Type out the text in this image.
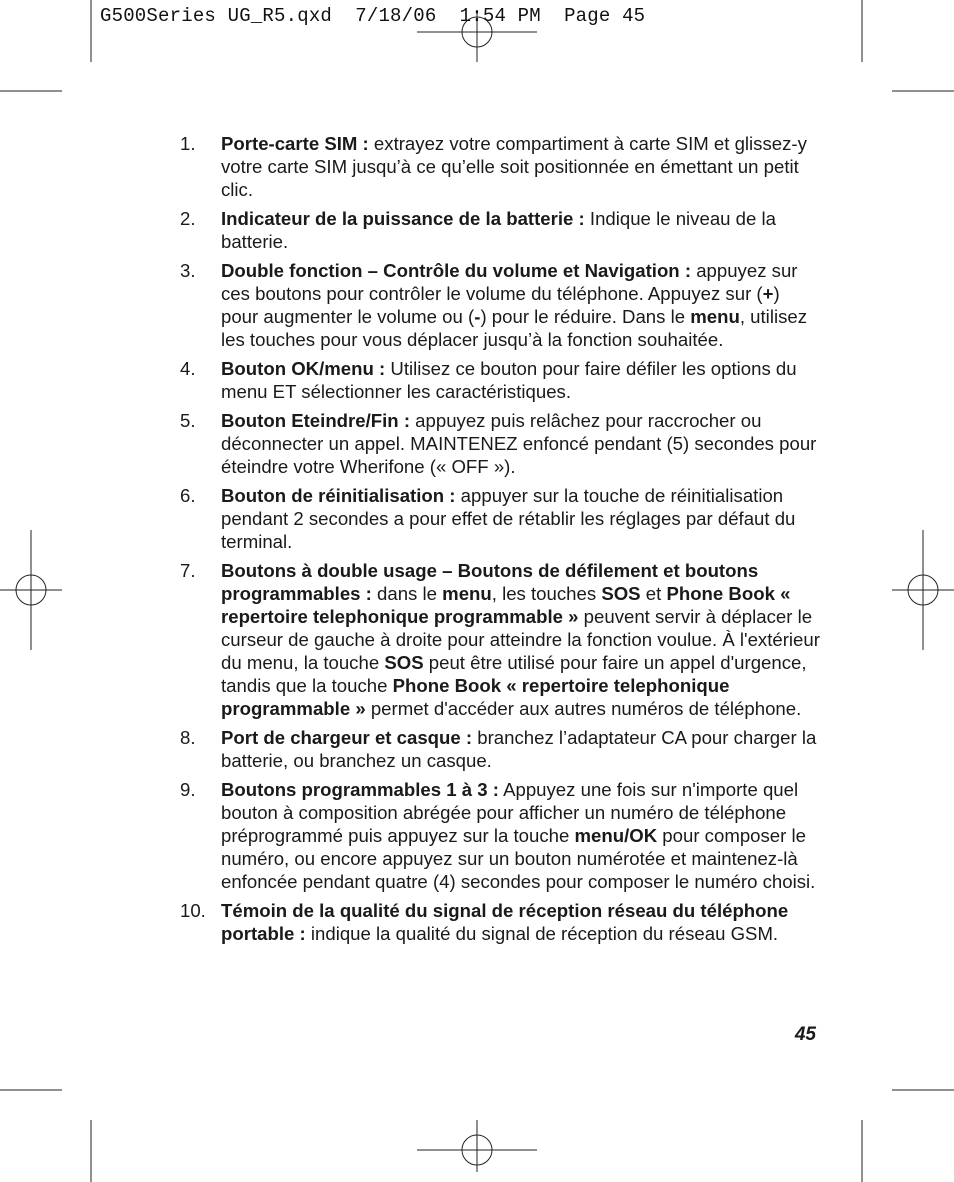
G500Series UG_R5.qxd  7/18/06  1:54 PM  Page 45
1. Porte-carte SIM : extrayez votre compartiment à carte SIM et glissez-y votre carte SIM jusqu’à ce qu’elle soit positionnée en émettant un petit clic.
2. Indicateur de la puissance de la batterie : Indique le niveau de la batterie.
3. Double fonction – Contrôle du volume et Navigation : appuyez sur ces boutons pour contrôler le volume du téléphone. Appuyez sur (+) pour augmenter le volume ou (-) pour le réduire. Dans le menu, utilisez les touches pour vous déplacer jusqu’à la fonction souhaitée.
4. Bouton OK/menu : Utilisez ce bouton pour faire défiler les options du menu ET sélectionner les caractéristiques.
5. Bouton Eteindre/Fin : appuyez puis relâchez pour raccrocher ou déconnecter un appel. MAINTENEZ enfoncé pendant (5) secondes pour éteindre votre Wherifone (« OFF »).
6. Bouton de réinitialisation : appuyer sur la touche de réinitialisation pendant 2 secondes a pour effet de rétablir les réglages par défaut du terminal.
7. Boutons à double usage – Boutons de défilement et boutons programmables : dans le menu, les touches SOS et Phone Book « repertoire telephonique programmable » peuvent servir à déplacer le curseur de gauche à droite pour atteindre la fonction voulue. À l'extérieur du menu, la touche SOS peut être utilisé pour faire un appel d'urgence, tandis que la touche Phone Book « repertoire telephonique programmable » permet d'accéder aux autres numéros de téléphone.
8. Port de chargeur et casque : branchez l’adaptateur CA pour charger la batterie, ou branchez un casque.
9. Boutons programmables 1 à 3 : Appuyez une fois sur n'importe quel bouton à composition abrégée pour afficher un numéro de téléphone préprogrammé puis appuyez sur la touche menu/OK pour composer le numéro, ou encore appuyez sur un bouton numérotée et maintenez-là enfoncée pendant quatre (4) secondes pour composer le numéro choisi.
10. Témoin de la qualité du signal de réception réseau du téléphone portable : indique la qualité du signal de réception du réseau GSM.
45
